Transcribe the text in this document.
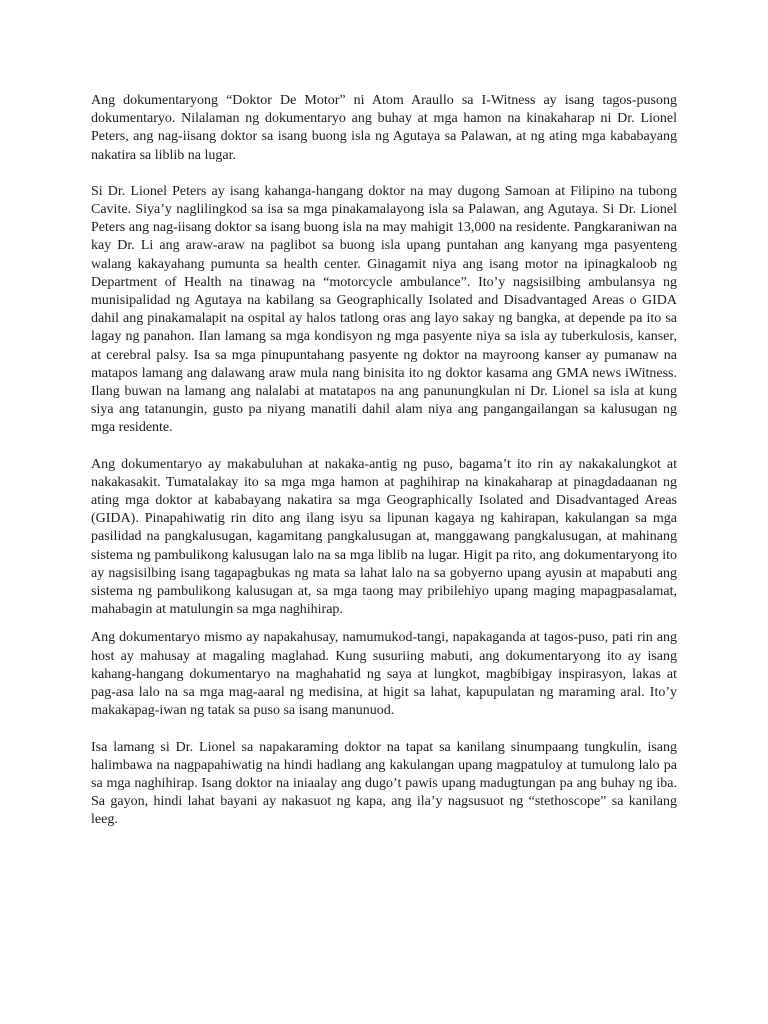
Ang dokumentaryong “Doktor De Motor” ni Atom Araullo sa I-Witness ay isang tagos-pusong dokumentaryo. Nilalaman ng dokumentaryo ang buhay at mga hamon na kinakaharap ni Dr. Lionel Peters, ang nag-iisang doktor sa isang buong isla ng Agutaya sa Palawan, at ng ating mga kababayang nakatira sa liblib na lugar.

Si Dr. Lionel Peters ay isang kahanga-hangang doktor na may dugong Samoan at Filipino na tubong Cavite. Siya’y naglilingkod sa isa sa mga pinakamalayong isla sa Palawan, ang Agutaya. Si Dr. Lionel Peters ang nag-iisang doktor sa isang buong isla na may mahigit 13,000 na residente. Pangkaraniwan na kay Dr. Li ang araw-araw na paglibot sa buong isla upang puntahan ang kanyang mga pasyenteng walang kakayahang pumunta sa health center. Ginagamit niya ang isang motor na ipinagkaloob ng Department of Health na tinawag na “motorcycle ambulance”. Ito’y nagsisilbing ambulansya ng munisipalidad ng Agutaya na kabilang sa Geographically Isolated and Disadvantaged Areas o GIDA dahil ang pinakamalapit na ospital ay halos tatlong oras ang layo sakay ng bangka, at depende pa ito sa lagay ng panahon. Ilan lamang sa mga kondisyon ng mga pasyente niya sa isla ay tuberkulosis, kanser, at cerebral palsy. Isa sa mga pinupuntahang pasyente ng doktor na mayroong kanser ay pumanaw na matapos lamang ang dalawang araw mula nang binisita ito ng doktor kasama ang GMA news iWitness. Ilang buwan na lamang ang nalalabi at matatapos na ang panunungkulan ni Dr. Lionel sa isla at kung siya ang tatanungin, gusto pa niyang manatili dahil alam niya ang pangangailangan sa kalusugan ng mga residente.

Ang dokumentaryo ay makabuluhan at nakaka-antig ng puso, bagama’t ito rin ay nakakalungkot at nakakasakit. Tumatalakay ito sa mga mga hamon at paghihirap na kinakaharap at pinagdadaanan ng ating mga doktor at kababayang nakatira sa mga Geographically Isolated and Disadvantaged Areas (GIDA). Pinapahiwatig rin dito ang ilang isyu sa lipunan kagaya ng kahirapan, kakulangan sa mga pasilidad na pangkalusugan, kagamitang pangkalusugan at, manggawang pangkalusugan, at mahinang sistema ng pambulikong kalusugan lalo na sa mga liblib na lugar. Higit pa rito, ang dokumentaryong ito ay nagsisilbing isang tagapagbukas ng mata sa lahat lalo na sa gobyerno upang ayusin at mapabuti ang sistema ng pambulikong kalusugan at, sa mga taong may pribilehiyo upang maging mapagpasalamat, mahabagin at matulungin sa mga naghihirap.

Ang dokumentaryo mismo ay napakahusay, namumukod-tangi, napakaganda at tagos-puso, pati rin ang host ay mahusay at magaling maglahad. Kung susuriing mabuti, ang dokumentaryong ito ay isang kahang-hangang dokumentaryo na maghahatid ng saya at lungkot, magbibigay inspirasyon, lakas at pag-asa lalo na sa mga mag-aaral ng medisina, at higit sa lahat, kapupulatan ng maraming aral. Ito’y makakapag-iwan ng tatak sa puso sa isang manunuod.

Isa lamang si Dr. Lionel sa napakaraming doktor na tapat sa kanilang sinumpaang tungkulin, isang halimbawa na nagpapahiwatig na hindi hadlang ang kakulangan upang magpatuloy at tumulong lalo pa sa mga naghihirap. Isang doktor na iniaalay ang dugo’t pawis upang madugtungan pa ang buhay ng iba. Sa gayon, hindi lahat bayani ay nakasuot ng kapa, ang ila’y nagsusuot ng “stethoscope” sa kanilang leeg.
